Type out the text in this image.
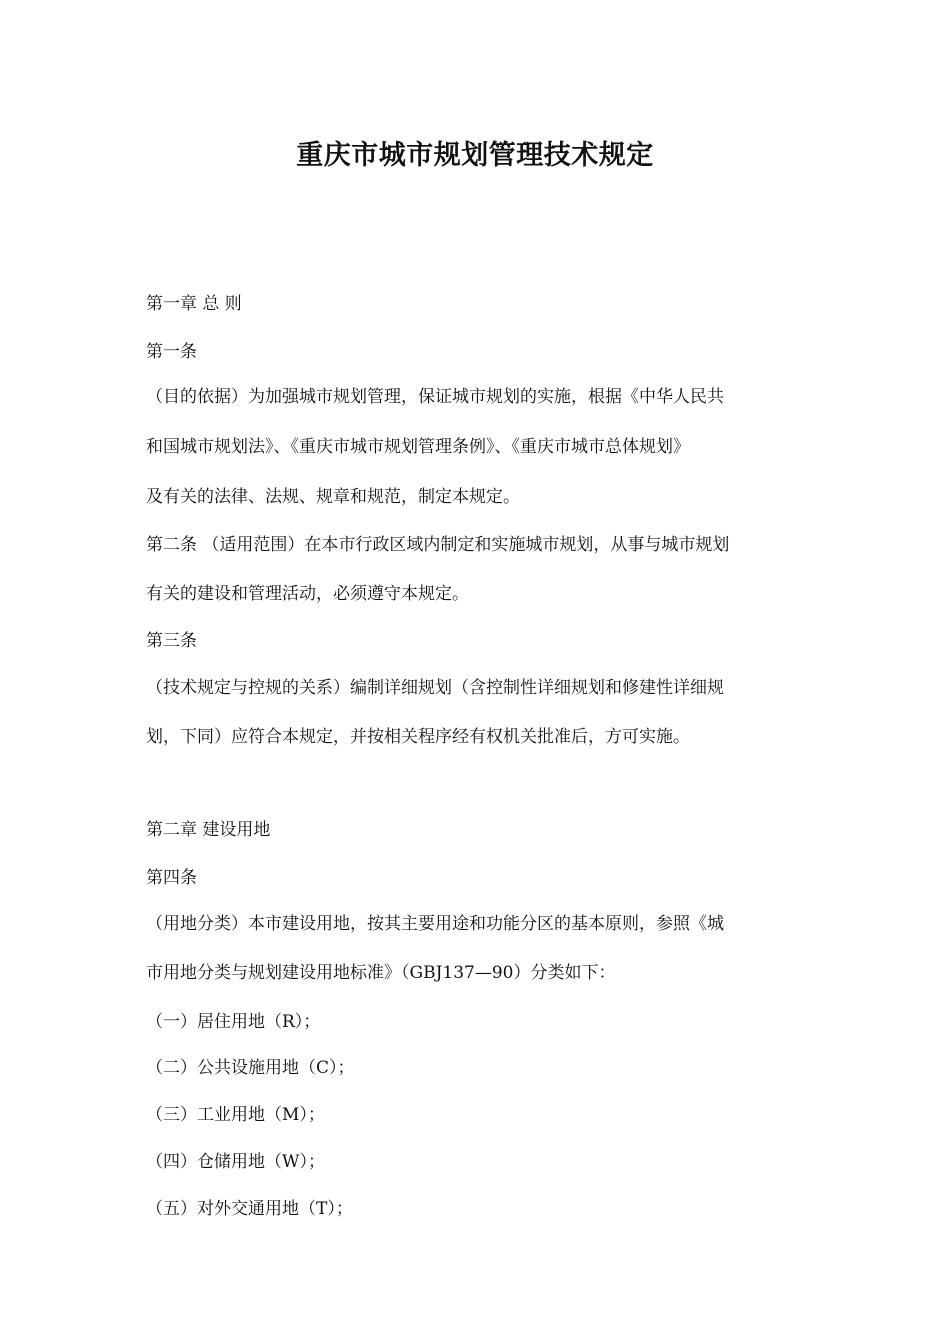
重庆市城市规划管理技术规定

第一章 总 则

第一条

（目的依据）为加强城市规划管理，保证城市规划的实施，根据《中华人民共

和国城市规划法》、《重庆市城市规划管理条例》、《重庆市城市总体规划》

及有关的法律、法规、规章和规范，制定本规定。

第二条 （适用范围）在本市行政区域内制定和实施城市规划，从事与城市规划

有关的建设和管理活动，必须遵守本规定。

第三条

（技术规定与控规的关系）编制详细规划（含控制性详细规划和修建性详细规

划，下同）应符合本规定，并按相关程序经有权机关批准后，方可实施。

第二章 建设用地

第四条

（用地分类）本市建设用地，按其主要用途和功能分区的基本原则，参照《城

市用地分类与规划建设用地标准》（GBJ137—90）分类如下：

（一）居住用地（R）；

（二）公共设施用地（C）；

（三）工业用地（M）；

（四）仓储用地（W）；

（五）对外交通用地（T）；
